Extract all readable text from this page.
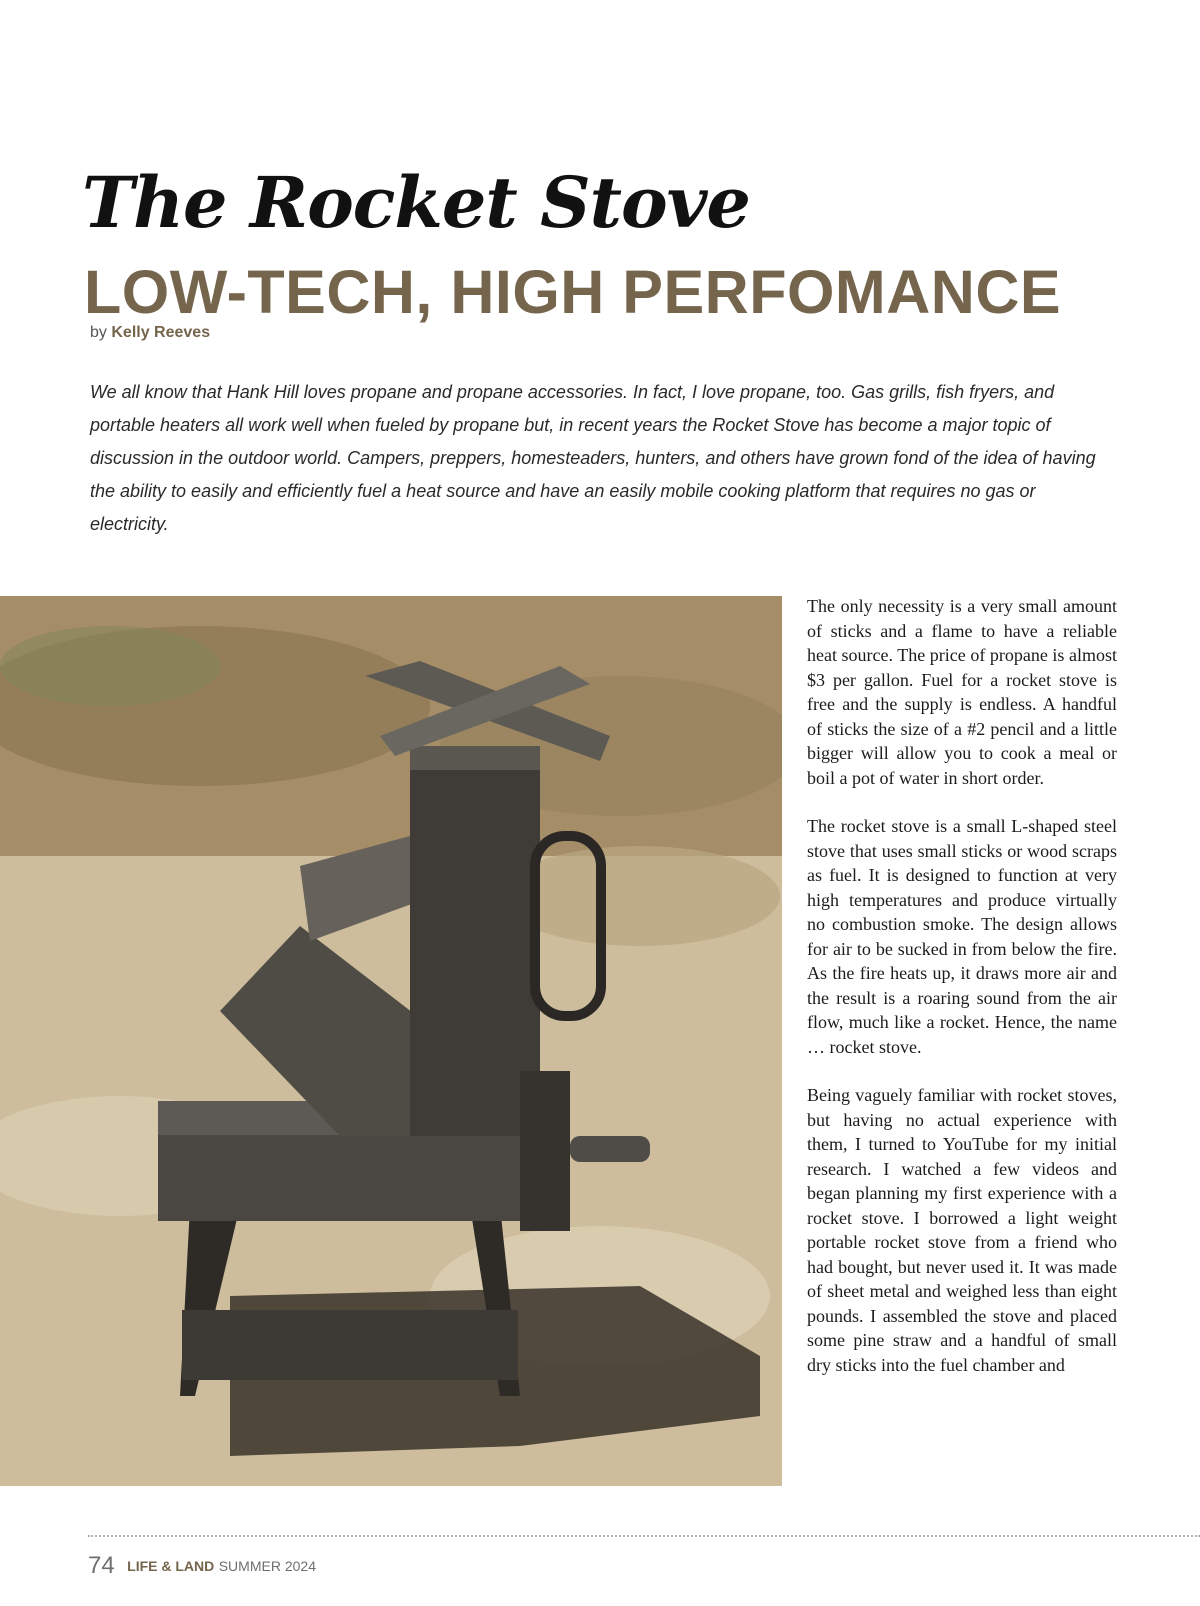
The Rocket Stove
LOW-TECH, HIGH PERFOMANCE
by Kelly Reeves

We all know that Hank Hill loves propane and propane accessories. In fact, I love propane, too. Gas grills, fish fryers, and portable heaters all work well when fueled by propane but, in recent years the Rocket Stove has become a major topic of discussion in the outdoor world. Campers, preppers, homesteaders, hunters, and others have grown fond of the idea of having the ability to easily and efficiently fuel a heat source and have an easily mobile cooking platform that requires no gas or electricity.

The only necessity is a very small amount of sticks and a flame to have a reliable heat source. The price of propane is almost $3 per gallon. Fuel for a rocket stove is free and the supply is endless. A handful of sticks the size of a #2 pencil and a little bigger will allow you to cook a meal or boil a pot of water in short order.

The rocket stove is a small L-shaped steel stove that uses small sticks or wood scraps as fuel. It is designed to function at very high temperatures and produce virtually no combustion smoke. The design allows for air to be sucked in from below the fire. As the fire heats up, it draws more air and the result is a roaring sound from the air flow, much like a rocket. Hence, the name … rocket stove.

Being vaguely familiar with rocket stoves, but having no actual experience with them, I turned to YouTube for my initial research. I watched a few videos and began planning my first experience with a rocket stove. I borrowed a light weight portable rocket stove from a friend who had bought, but never used it. It was made of sheet metal and weighed less than eight pounds. I assembled the stove and placed some pine straw and a handful of small dry sticks into the fuel chamber and

74 LIFE & LAND SUMMER 2024
